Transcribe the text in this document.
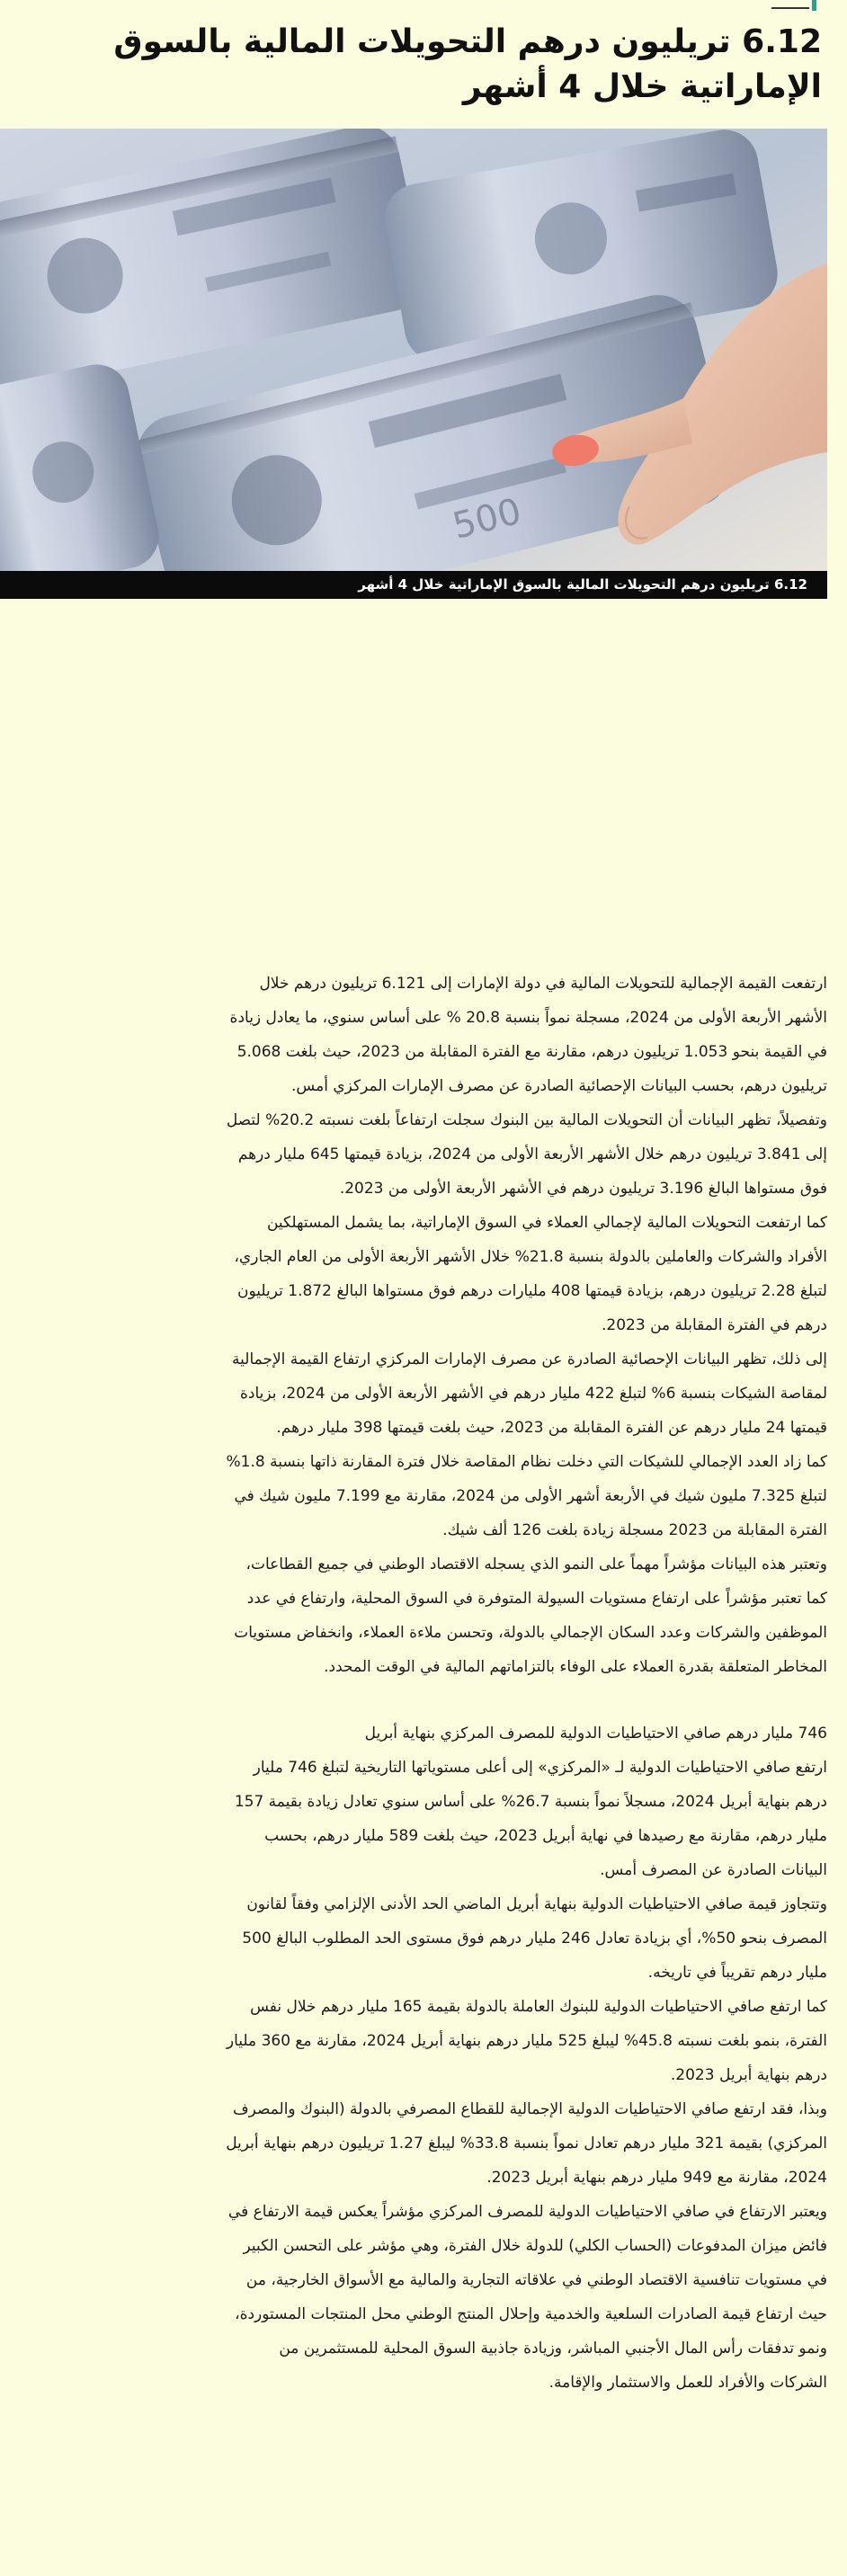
6.12 تريليون درهم التحويلات المالية بالسوق الإماراتية خلال 4 أشهر
500
6.12 تريليون درهم التحويلات المالية بالسوق الإماراتية خلال 4 أشهر

ارتفعت القيمة الإجمالية للتحويلات المالية في دولة الإمارات إلى 6.121 تريليون درهم خلال الأشهر الأربعة الأولى من 2024، مسجلة نمواً بنسبة 20.8 % على أساس سنوي، ما يعادل زيادة في القيمة بنحو 1.053 تريليون درهم، مقارنة مع الفترة المقابلة من 2023، حيث بلغت 5.068 تريليون درهم، بحسب البيانات الإحصائية الصادرة عن مصرف الإمارات المركزي أمس.

وتفصيلاً، تظهر البيانات أن التحويلات المالية بين البنوك سجلت ارتفاعاً بلغت نسبته 20.2% لتصل إلى 3.841 تريليون درهم خلال الأشهر الأربعة الأولى من 2024، بزيادة قيمتها 645 مليار درهم فوق مستواها البالغ 3.196 تريليون درهم في الأشهر الأربعة الأولى من 2023.

كما ارتفعت التحويلات المالية لإجمالي العملاء في السوق الإماراتية، بما يشمل المستهلكين الأفراد والشركات والعاملين بالدولة بنسبة 21.8% خلال الأشهر الأربعة الأولى من العام الجاري، لتبلغ 2.28 تريليون درهم، بزيادة قيمتها 408 مليارات درهم فوق مستواها البالغ 1.872 تريليون درهم في الفترة المقابلة من 2023.

إلى ذلك، تظهر البيانات الإحصائية الصادرة عن مصرف الإمارات المركزي ارتفاع القيمة الإجمالية لمقاصة الشيكات بنسبة 6% لتبلغ 422 مليار درهم في الأشهر الأربعة الأولى من 2024، بزيادة قيمتها 24 مليار درهم عن الفترة المقابلة من 2023، حيث بلغت قيمتها 398 مليار درهم.

كما زاد العدد الإجمالي للشيكات التي دخلت نظام المقاصة خلال فترة المقارنة ذاتها بنسبة 1.8% لتبلغ 7.325 مليون شيك في الأربعة أشهر الأولى من 2024، مقارنة مع 7.199 مليون شيك في الفترة المقابلة من 2023 مسجلة زيادة بلغت 126 ألف شيك.

وتعتبر هذه البيانات مؤشراً مهماً على النمو الذي يسجله الاقتصاد الوطني في جميع القطاعات، كما تعتبر مؤشراً على ارتفاع مستويات السيولة المتوفرة في السوق المحلية، وارتفاع في عدد الموظفين والشركات وعدد السكان الإجمالي بالدولة، وتحسن ملاءة العملاء، وانخفاض مستويات المخاطر المتعلقة بقدرة العملاء على الوفاء بالتزاماتهم المالية في الوقت المحدد.

746 مليار درهم صافي الاحتياطيات الدولية للمصرف المركزي بنهاية أبريل

ارتفع صافي الاحتياطيات الدولية لـ «المركزي» إلى أعلى مستوياتها التاريخية لتبلغ 746 مليار درهم بنهاية أبريل 2024، مسجلاً نمواً بنسبة 26.7% على أساس سنوي تعادل زيادة بقيمة 157 مليار درهم، مقارنة مع رصيدها في نهاية أبريل 2023، حيث بلغت 589 مليار درهم، بحسب البيانات الصادرة عن المصرف أمس.

وتتجاوز قيمة صافي الاحتياطيات الدولية بنهاية أبريل الماضي الحد الأدنى الإلزامي وفقاً لقانون المصرف بنحو 50%، أي بزيادة تعادل 246 مليار درهم فوق مستوى الحد المطلوب البالغ 500 مليار درهم تقريباً في تاريخه.

كما ارتفع صافي الاحتياطيات الدولية للبنوك العاملة بالدولة بقيمة 165 مليار درهم خلال نفس الفترة، بنمو بلغت نسبته 45.8% ليبلغ 525 مليار درهم بنهاية أبريل 2024، مقارنة مع 360 مليار درهم بنهاية أبريل 2023.

وبذا، فقد ارتفع صافي الاحتياطيات الدولية الإجمالية للقطاع المصرفي بالدولة (البنوك والمصرف المركزي) بقيمة 321 مليار درهم تعادل نمواً بنسبة 33.8% ليبلغ 1.27 تريليون درهم بنهاية أبريل 2024، مقارنة مع 949 مليار درهم بنهاية أبريل 2023.

ويعتبر الارتفاع في صافي الاحتياطيات الدولية للمصرف المركزي مؤشراً يعكس قيمة الارتفاع في فائض ميزان المدفوعات (الحساب الكلي) للدولة خلال الفترة، وهي مؤشر على التحسن الكبير في مستويات تنافسية الاقتصاد الوطني في علاقاته التجارية والمالية مع الأسواق الخارجية، من حيث ارتفاع قيمة الصادرات السلعية والخدمية وإحلال المنتج الوطني محل المنتجات المستوردة، ونمو تدفقات رأس المال الأجنبي المباشر، وزيادة جاذبية السوق المحلية للمستثمرين من الشركات والأفراد للعمل والاستثمار والإقامة.
